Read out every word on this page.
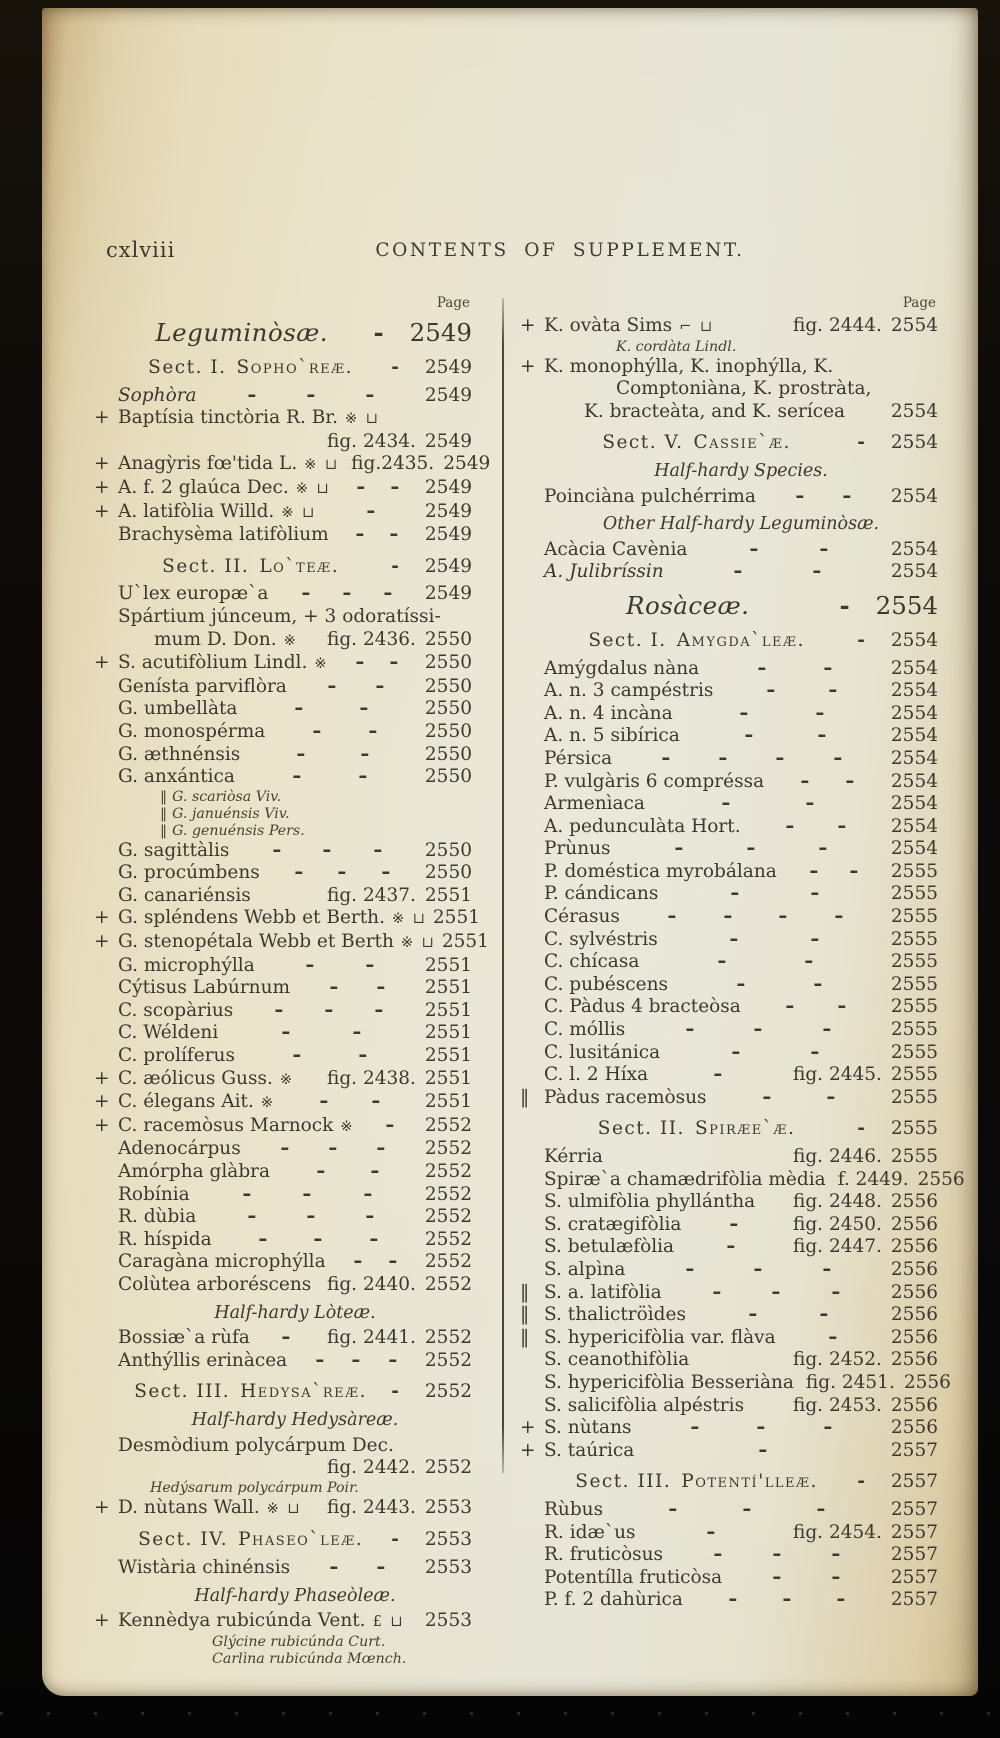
cxlviii	CONTENTS OF SUPPLEMENT.
Page
Leguminòsæ.	- 2549
Sect. I. Sopho`reæ.	- 2549
Sophòra	-	-	-	2549
+ Baptísia tinctòria R. Br. ※ ⊔
fig. 2434. 2549
+ Anagỳris fœ'tida L. ※ ⊔ fig.2435. 2549
+ A. f. 2 glaúca Dec. ※ ⊔ - - 2549
+ A. latifòlia Willd. ※ ⊔	-	2549
Brachysèma latifòlium - - 2549
Sect. II. Lo`teæ.	- 2549
U`lex europæ`a - - - 2549
Spártium júnceum, + 3 odoratíssi-
mum D. Don. ※ fig. 2436. 2550
+ S. acutifòlium Lindl. ※ - - 2550
Genísta parviflòra - - 2550
G. umbellàta	-	-	2550
G. monospérma	-	-	2550
G. æthnénsis	-	-	2550
G. anxántica	-	-	2550
‖ G. scariòsa Viv.
‖ G. januénsis Viv.
‖ G. genuénsis Pers.
G. sagittàlis - - - 2550
G. procúmbens - - - 2550
G. canariénsis	fig. 2437. 2551
+ G. spléndens Webb et Berth. ※ ⊔ 2551
+ G. stenopétala Webb et Berth ※ ⊔ 2551
G. microphýlla	-	-	2551
Cýtisus Labúrnum - - 2551
C. scopàrius - - - 2551
C. Wéldeni	-	-	2551
C. prolíferus	-	-	2551
+ C. æólicus Guss. ※ fig. 2438. 2551
+ C. élegans Ait. ※ - - 2551
+ C. racemòsus Marnock ※ - 2552
Adenocárpus - - - 2552
Amórpha glàbra - - 2552
Robínia	-	-	-	2552
R. dùbia	-	-	-	2552
R. híspida	- - -	2552
Caragàna microphýlla - - 2552
Colùtea arboréscens fig. 2440. 2552
Half-hardy Lòteæ.
Bossiæ`a rùfa - fig. 2441. 2552
Anthýllis erinàcea - - - 2552
Sect. III. Hedysa`reæ.	- 2552
Half-hardy Hedysàreæ.
Desmòdium polycárpum Dec.
fig. 2442. 2552
Hedýsarum polycárpum Poir.
+ D. nùtans Wall. ※ ⊔ fig. 2443. 2553
Sect. IV. Phaseo`leæ.	- 2553
Wistària chinénsis - - 2553
Half-hardy Phaseòleæ.
+ Kennèdya rubicúnda Vent. £ ⊔ 2553
Glýcine rubicúnda Curt.
Carlìna rubicúnda Mœnch.
Page
+ K. ovàta Sims ⌐ ⊔	fig. 2444. 2554
K. cordàta Lindl.
+ K. monophýlla, K. inophýlla, K.
Comptoniàna, K. prostràta,
K. bracteàta, and K. serícea 2554
Sect. V. Cassie`æ.	- 2554
Half-hardy Species.
Poinciàna pulchérrima - - 2554
Other Half-hardy Leguminòsæ.
Acàcia Cavènia	-	-	2554
A. Julibríssin	-	-	2554
Rosàceæ.	- 2554
Sect. I. Amygda`leæ.	- 2554
Amýgdalus nàna	-	-	2554
A. n. 3 campéstris	-	-	2554
A. n. 4 incàna	-	-	2554
A. n. 5 sibírica	-	-	2554
Pérsica	-	-	-	-	2554
P. vulgàris 6 compréssa - - 2554
Armenìaca	-	-	2554
A. pedunculàta Hort. - - 2554
Prùnus	-	-	-	2554
P. doméstica myrobálana - - 2555
P. cándicans	-	-	2555
Cérasus	-	-	-	-	2555
C. sylvéstris	-	-	2555
C. chícasa	-	-	2555
C. pubéscens	-	-	2555
C. Pàdus 4 bracteòsa - - 2555
C. móllis	-	-	-	2555
C. lusitánica	-	-	2555
C. l. 2 Híxa	-	fig. 2445. 2555
‖ Pàdus racemòsus	-	-	2555
Sect. II. Spiræe`æ.	- 2555
Kérria	fig. 2446. 2555
Spiræ`a chamædrifòlia mèdia f. 2449. 2556
S. ulmifòlia phyllántha fig. 2448. 2556
S. cratægifòlia	-	fig. 2450. 2556
S. betulæfòlia	-	fig. 2447. 2556
S. alpìna	-	-	-	2556
‖ S. a. latifòlia	-	-	-	2556
‖ S. thalictröìdes	-	-	2556
‖ S. hypericifòlia var. flàva	-	2556
S. ceanothifòlia	fig. 2452. 2556
S. hypericifòlia Besseriàna fig. 2451. 2556
S. salicifòlia alpéstris	fig. 2453. 2556
+ S. nùtans	-	-	-	2556
+ S. taúrica	-	2557
Sect. III. Potentí'lleæ.	- 2557
Rùbus	-	-	-	2557
R. idæ`us	-	fig. 2454. 2557
R. fruticòsus	-	-	-	2557
Potentílla fruticòsa	-	-	2557
P. f. 2 dahùrica - - - 2557
